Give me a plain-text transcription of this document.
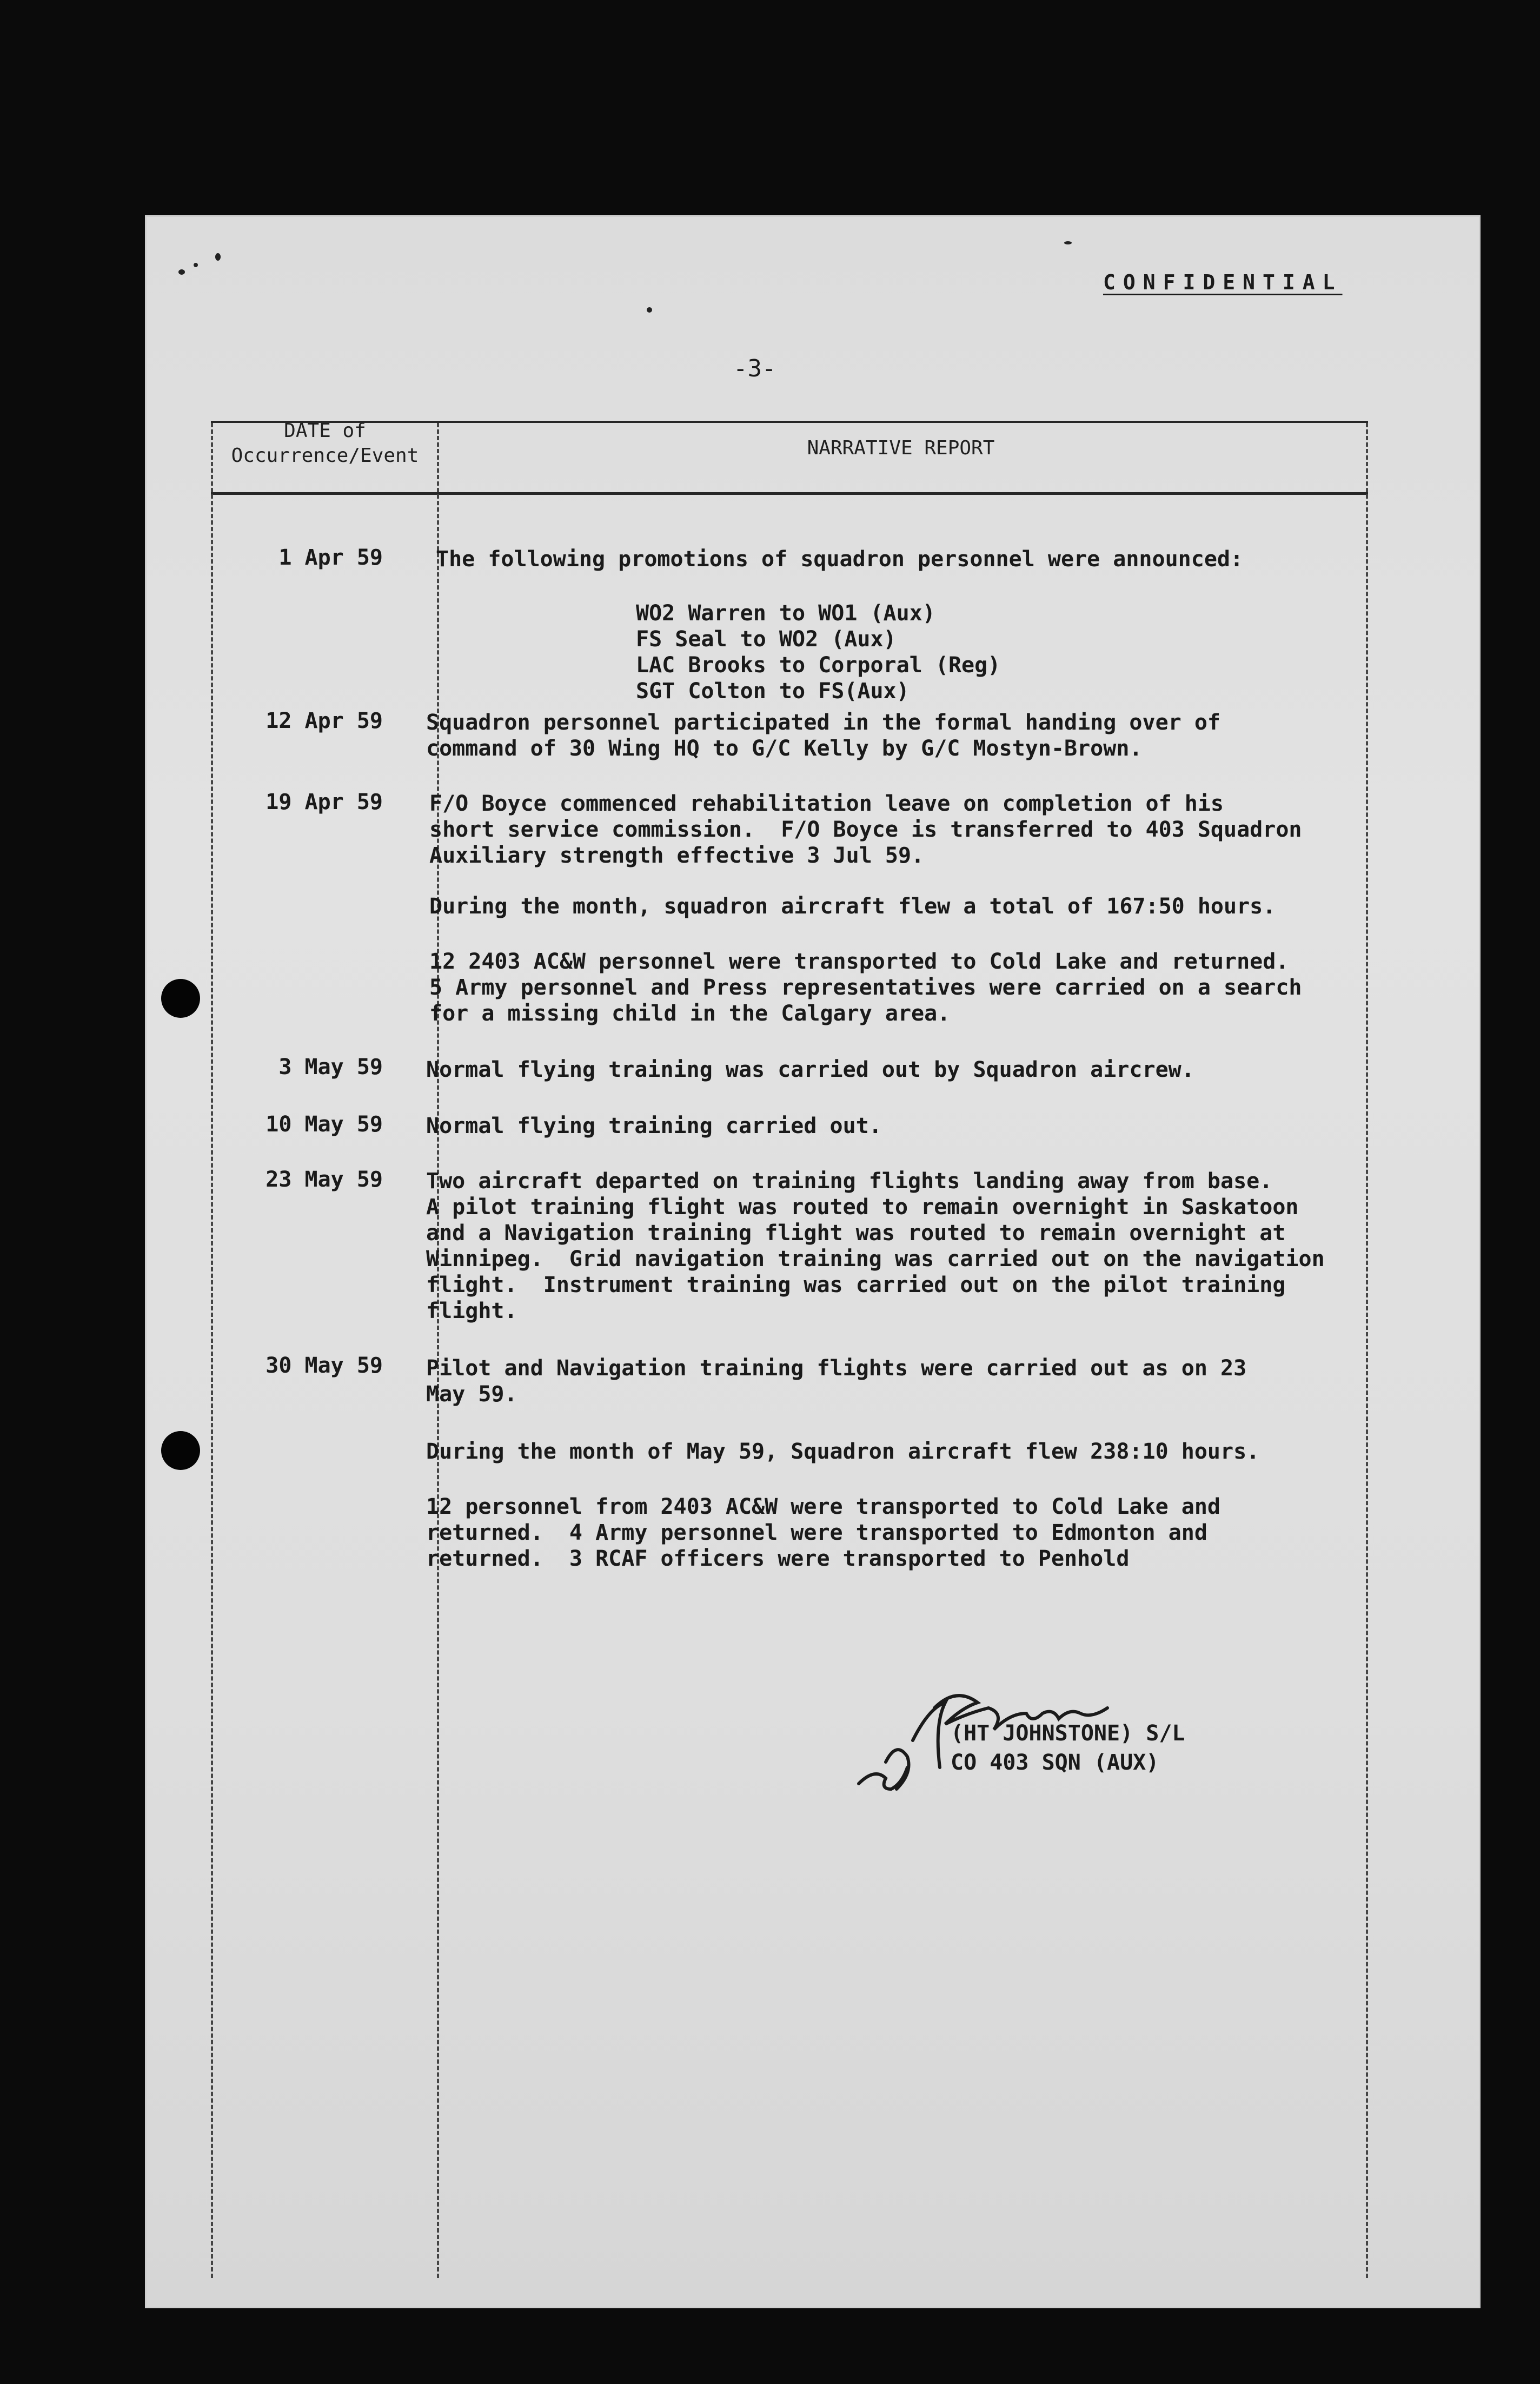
CONFIDENTIAL
-3-
DATE of
Occurrence/Event	NARRATIVE REPORT
1 Apr 59 The following promotions of squadron personnel were announced:
WO2 Warren to WO1 (Aux)
FS Seal to WO2 (Aux)
LAC Brooks to Corporal (Reg)
SGT Colton to FS(Aux)
12 Apr 59 Squadron personnel participated in the formal handing over of
command of 30 Wing HQ to G/C Kelly by G/C Mostyn-Brown.
19 Apr 59 F/O Boyce commenced rehabilitation leave on completion of his
short service commission.  F/O Boyce is transferred to 403 Squadron
Auxiliary strength effective 3 Jul 59.
During the month, squadron aircraft flew a total of 167:50 hours.
12 2403 AC&W personnel were transported to Cold Lake and returned.
5 Army personnel and Press representatives were carried on a search
for a missing child in the Calgary area.
3 May 59 Normal flying training was carried out by Squadron aircrew.
10 May 59 Normal flying training carried out.
23 May 59 Two aircraft departed on training flights landing away from base.
A pilot training flight was routed to remain overnight in Saskatoon
and a Navigation training flight was routed to remain overnight at
Winnipeg.  Grid navigation training was carried out on the navigation
flight.  Instrument training was carried out on the pilot training
flight.
30 May 59 Pilot and Navigation training flights were carried out as on 23
May 59.
During the month of May 59, Squadron aircraft flew 238:10 hours.
12 personnel from 2403 AC&W were transported to Cold Lake and
returned.  4 Army personnel were transported to Edmonton and
returned.  3 RCAF officers were transported to Penhold
(HT JOHNSTONE) S/L
CO 403 SQN (AUX)
